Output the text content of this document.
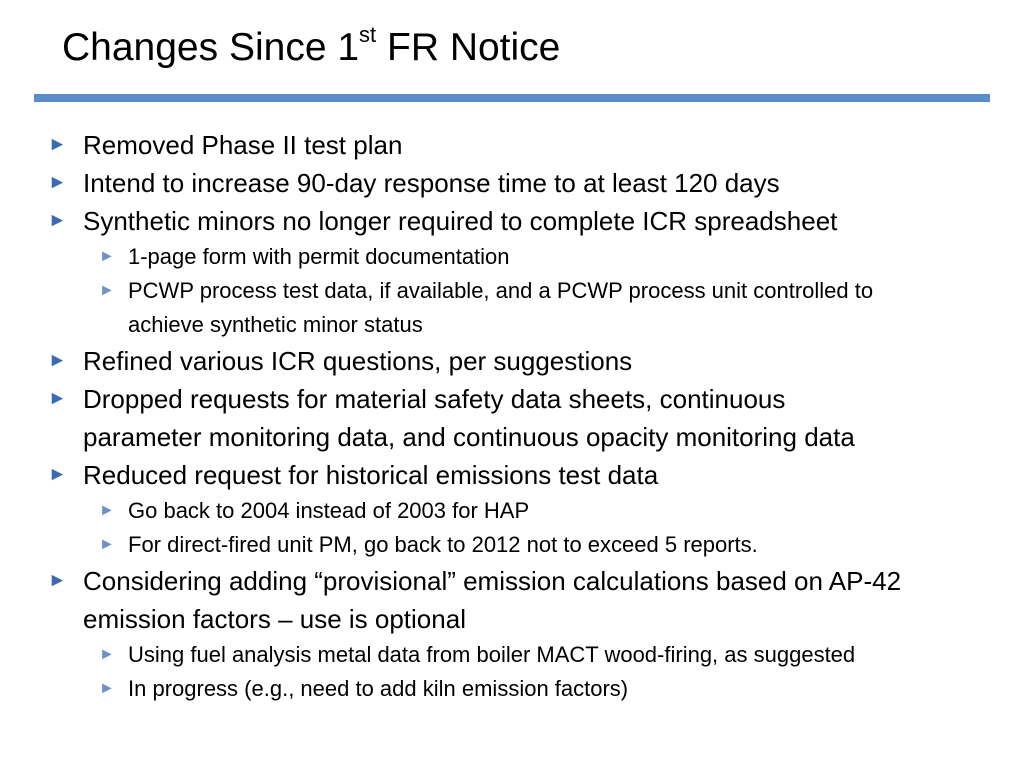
Changes Since 1st FR Notice
► Removed Phase II test plan
► Intend to increase 90-day response time to at least 120 days
► Synthetic minors no longer required to complete ICR spreadsheet
► 1-page form with permit documentation
► PCWP process test data, if available, and a PCWP process unit controlled to
achieve synthetic minor status
► Refined various ICR questions, per suggestions
► Dropped requests for material safety data sheets, continuous
parameter monitoring data, and continuous opacity monitoring data
► Reduced request for historical emissions test data
► Go back to 2004 instead of 2003 for HAP
► For direct-fired unit PM, go back to 2012 not to exceed 5 reports.
► Considering adding “provisional” emission calculations based on AP-42
emission factors – use is optional
► Using fuel analysis metal data from boiler MACT wood-firing, as suggested
► In progress (e.g., need to add kiln emission factors)
